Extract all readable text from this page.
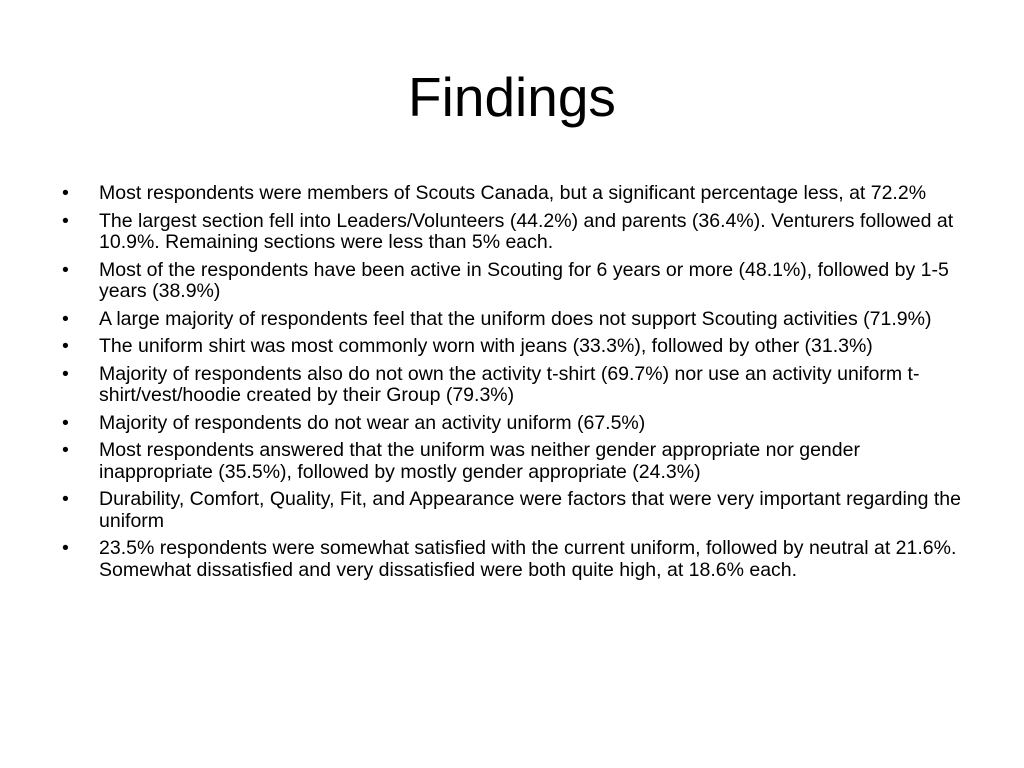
Findings
•	Most respondents were members of Scouts Canada, but a significant percentage less, at 72.2%
•	The largest section fell into Leaders/Volunteers (44.2%) and parents (36.4%). Venturers followed at 10.9%. Remaining sections were less than 5% each.
•	Most of the respondents have been active in Scouting for 6 years or more (48.1%), followed by 1-5 years (38.9%)
•	A large majority of respondents feel that the uniform does not support Scouting activities (71.9%)
•	The uniform shirt was most commonly worn with jeans (33.3%), followed by other (31.3%)
•	Majority of respondents also do not own the activity t-shirt (69.7%) nor use an activity uniform t-shirt/vest/hoodie created by their Group (79.3%)
•	Majority of respondents do not wear an activity uniform (67.5%)
•	Most respondents answered that the uniform was neither gender appropriate nor gender inappropriate (35.5%), followed by mostly gender appropriate (24.3%)
•	Durability, Comfort, Quality, Fit, and Appearance were factors that were very important regarding the uniform
•	23.5% respondents were somewhat satisfied with the current uniform, followed by neutral at 21.6%. Somewhat dissatisfied and very dissatisfied were both quite high, at 18.6% each.
